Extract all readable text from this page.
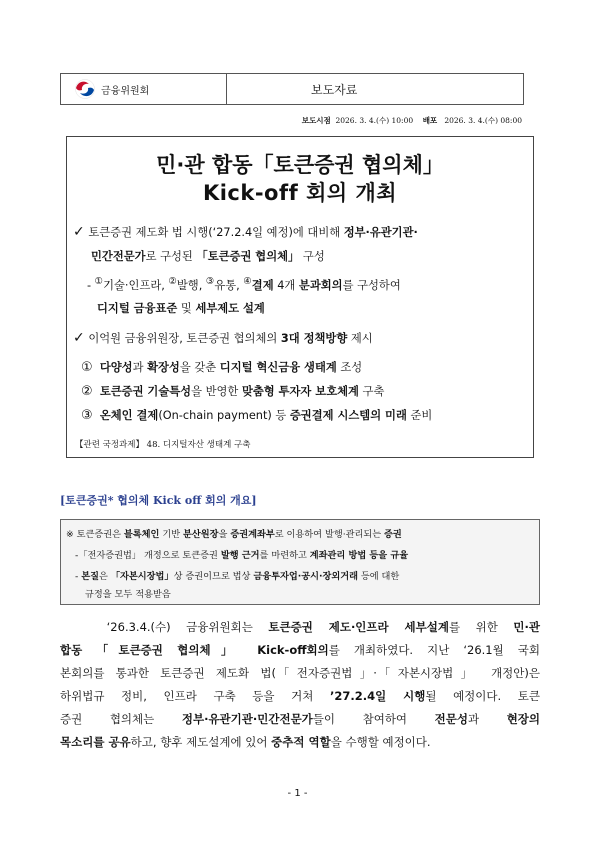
금융위원회	보도자료
보도시점 2026. 3. 4.(수) 10:00 배포 2026. 3. 4.(수) 08:00
민·관 합동「토큰증권 협의체」
Kick-off 회의 개최
✓ 토큰증권 제도화 법 시행(‘27.2.4일 예정)에 대비해 정부·유관기관·
민간전문가로 구성된 「토큰증권 협의체」 구성
- ①기술·인프라, ②발행, ③유통, ④결제 4개 분과회의를 구성하여
디지털 금융표준 및 세부제도 설계
✓ 이억원 금융위원장, 토큰증권 협의체의 3대 정책방향 제시
① 다양성과 확장성을 갖춘 디지털 혁신금융 생태계 조성
② 토큰증권 기술특성을 반영한 맞춤형 투자자 보호체계 구축
③ 온체인 결제(On-chain payment) 등 증권결제 시스템의 미래 준비
【관련 국정과제】 48. 디지털자산 생태계 구축
[토큰증권* 협의체 Kick off 회의 개요]
※ 토큰증권은 블록체인 기반 분산원장을 증권계좌부로 이용하여 발행·관리되는 증권
-「전자증권법」 개정으로 토큰증권 발행 근거를 마련하고 계좌관리 방법 등을 규율
- 본질은 「자본시장법」상 증권이므로 법상 금융투자업·공시·장외거래 등에 대한
규정을 모두 적용받음
‘26.3.4.(수) 금융위원회는 토큰증권 제도·인프라 세부설계를 위한 민·관
합동 「토큰증권 협의체」 Kick-off회의를 개최하였다. 지난 ‘26.1월 국회
본회의를 통과한 토큰증권 제도화 법(「전자증권법」·「자본시장법」 개정안)은
하위법규 정비, 인프라 구축 등을 거쳐 ’27.2.4일 시행될 예정이다. 토큰
증권 협의체는 정부·유관기관·민간전문가들이 참여하여 전문성과 현장의
목소리를 공유하고, 향후 제도설계에 있어 중추적 역할을 수행할 예정이다.
- 1 -
